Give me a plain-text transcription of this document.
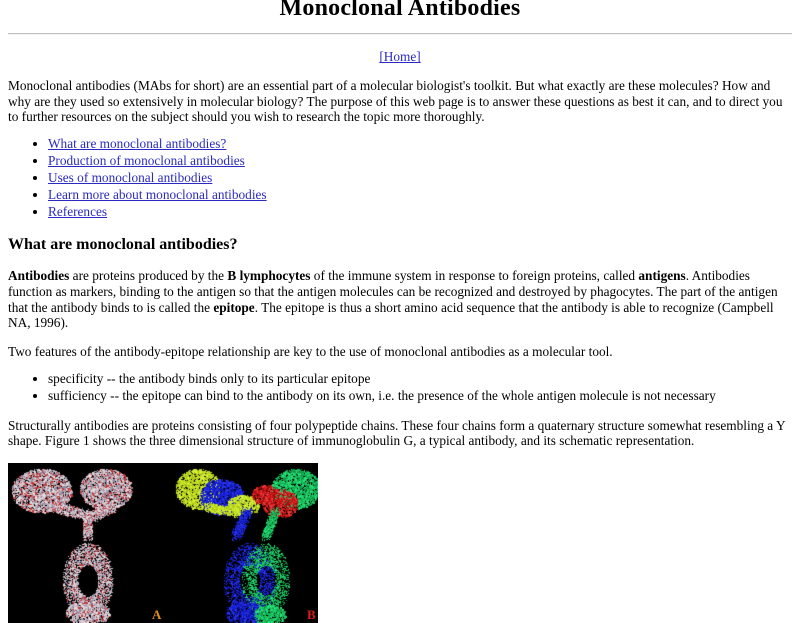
Monoclonal Antibodies
[Home]

Monoclonal antibodies (MAbs for short) are an essential part of a molecular biologist's toolkit. But what exactly are these molecules? How and why are they used so extensively in molecular biology? The purpose of this web page is to answer these questions as best it can, and to direct you to further resources on the subject should you wish to research the topic more thoroughly.

• What are monoclonal antibodies?
• Production of monoclonal antibodies
• Uses of monoclonal antibodies
• Learn more about monoclonal antibodies
• References
What are monoclonal antibodies?

Antibodies are proteins produced by the B lymphocytes of the immune system in response to foreign proteins, called antigens. Antibodies function as markers, binding to the antigen so that the antigen molecules can be recognized and destroyed by phagocytes. The part of the antigen that the antibody binds to is called the epitope. The epitope is thus a short amino acid sequence that the antibody is able to recognize (Campbell NA, 1996).

Two features of the antibody-epitope relationship are key to the use of monoclonal antibodies as a molecular tool.

• specificity -- the antibody binds only to its particular epitope
• sufficiency -- the epitope can bind to the antibody on its own, i.e. the presence of the whole antigen molecule is not necessary

Structurally antibodies are proteins consisting of four polypeptide chains. These four chains form a quaternary structure somewhat resembling a Y shape. Figure 1 shows the three dimensional structure of immunoglobulin G, a typical antibody, and its schematic representation.

A	B
